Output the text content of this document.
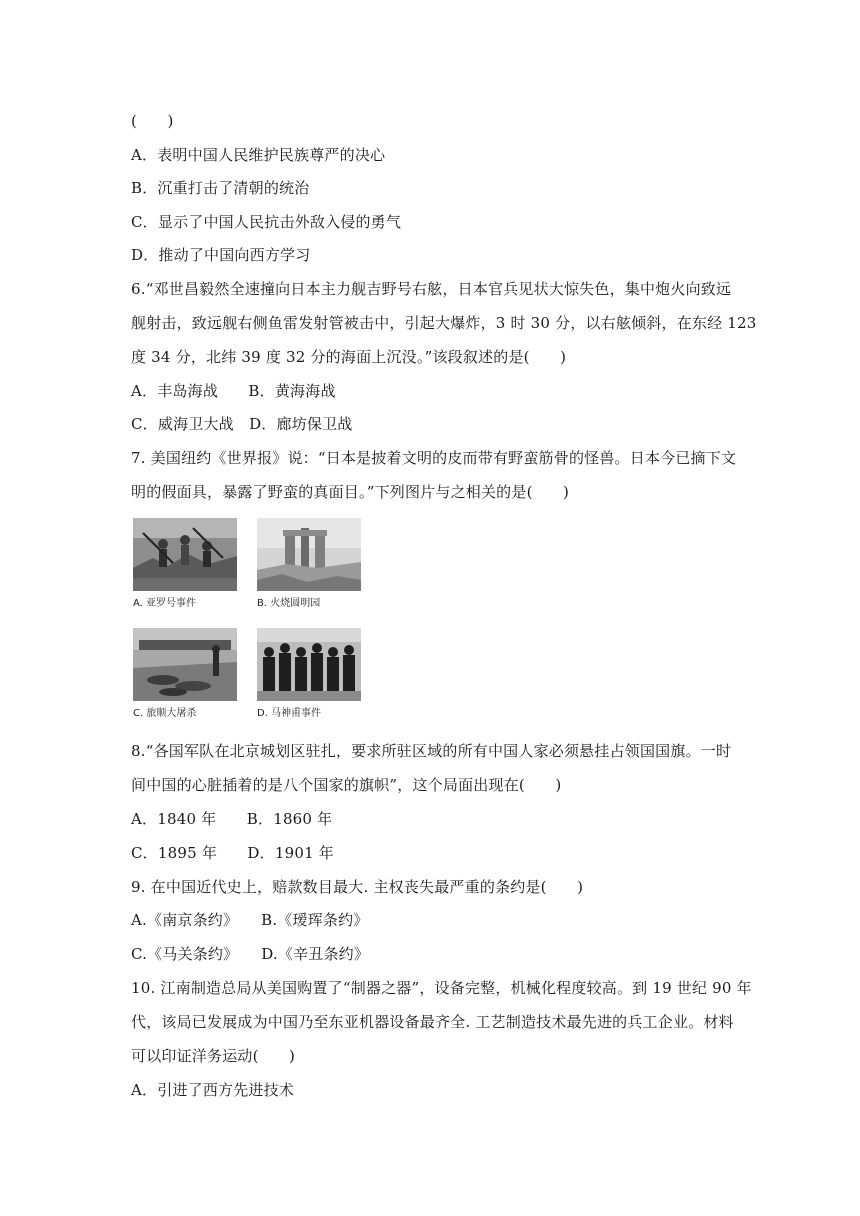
(　　)
A．表明中国人民维护民族尊严的决心
B．沉重打击了清朝的统治
C．显示了中国人民抗击外敌入侵的勇气
D．推动了中国向西方学习
6.“邓世昌毅然全速撞向日本主力舰吉野号右舷，日本官兵见状大惊失色，集中炮火向致远
舰射击，致远舰右侧鱼雷发射管被击中，引起大爆炸，3 时 30 分，以右舷倾斜，在东经 123
度 34 分，北纬 39 度 32 分的海面上沉没。”该段叙述的是(　　)
A．丰岛海战　　B．黄海海战
C．威海卫大战　D．廊坊保卫战
7. 美国纽约《世界报》说：“日本是披着文明的皮而带有野蛮筋骨的怪兽。日本今已摘下文
明的假面具，暴露了野蛮的真面目。”下列图片与之相关的是(　　)
A. 亚罗号事件	B. 火烧圆明园
C. 旅顺大屠杀	D. 马神甫事件
8.“各国军队在北京城划区驻扎，要求所驻区域的所有中国人家必须悬挂占领国国旗。一时
间中国的心脏插着的是八个国家的旗帜”，这个局面出现在(　　)
A．1840 年　　B．1860 年
C．1895 年　　D．1901 年
9. 在中国近代史上，赔款数目最大. 主权丧失最严重的条约是(　　)
A.《南京条约》　　B.《瑷珲条约》
C.《马关条约》　　D.《辛丑条约》
10. 江南制造总局从美国购置了“制器之器”，设备完整，机械化程度较高。到 19 世纪 90 年
代，该局已发展成为中国乃至东亚机器设备最齐全. 工艺制造技术最先进的兵工企业。材料
可以印证洋务运动(　　)
A．引进了西方先进技术
